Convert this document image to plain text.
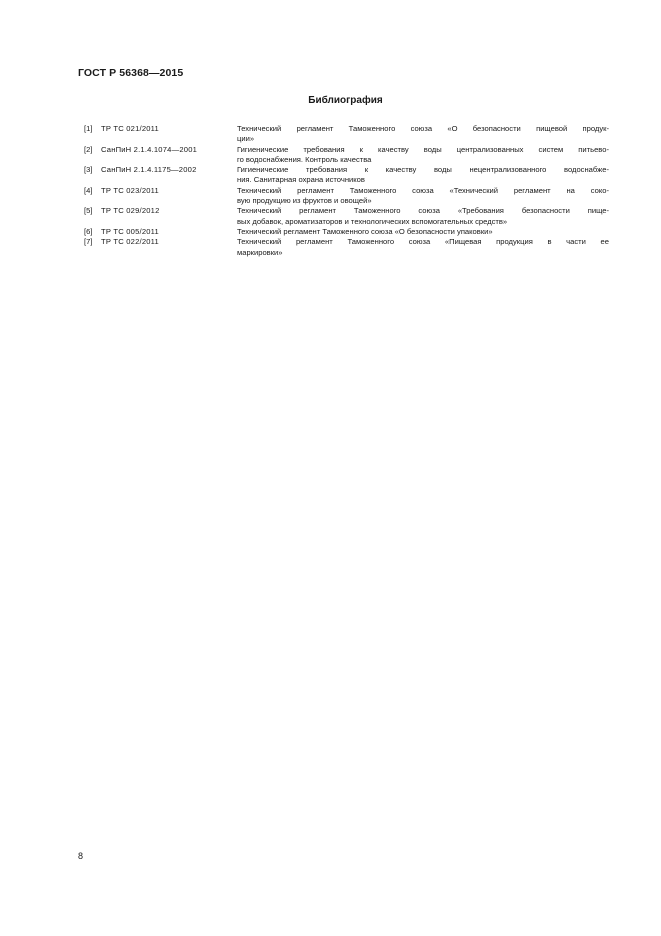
ГОСТ Р 56368—2015
Библиография
[1]	ТР ТС 021/2011	Технический регламент Таможенного союза «О безопасности пищевой продук-
ции»
[2]	СанПиН 2.1.4.1074—2001	Гигиенические требования к качеству воды централизованных систем питьево-
го водоснабжения. Контроль качества
[3]	СанПиН 2.1.4.1175—2002	Гигиенические требования к качеству воды нецентрализованного водоснабже-
ния. Санитарная охрана источников
[4]	ТР ТС 023/2011	Технический регламент Таможенного союза «Технический регламент на соко-
вую продукцию из фруктов и овощей»
[5]	ТР ТС 029/2012	Технический регламент Таможенного союза «Требования безопасности пище-
вых добавок, ароматизаторов и технологических вспомогательных средств»
[6]	ТР ТС 005/2011	Технический регламент Таможенного союза «О безопасности упаковки»
[7]	ТР ТС 022/2011	Технический регламент Таможенного союза «Пищевая продукция в части ее
маркировки»
8
